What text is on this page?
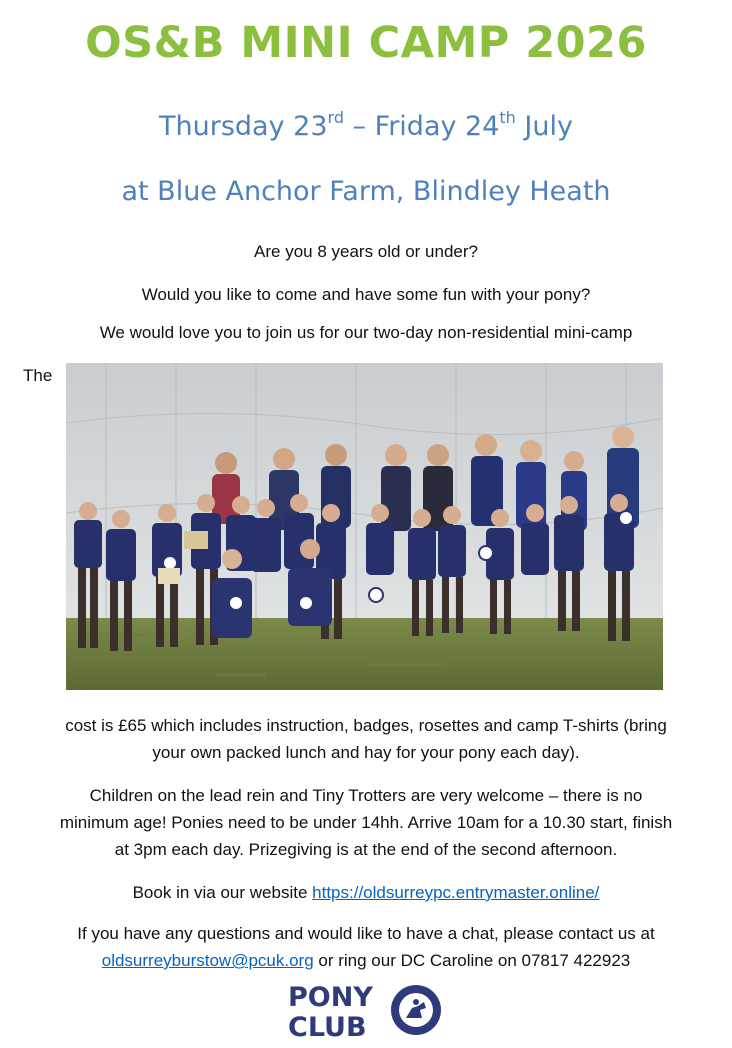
OS&B MINI CAMP 2026
Thursday 23rd – Friday 24th July
at Blue Anchor Farm, Blindley Heath
Are you 8 years old or under?
Would you like to come and have some fun with your pony?
We would love you to join us for our two-day non-residential mini-camp
The
cost is £65 which includes instruction, badges, rosettes and camp T-shirts (bring
your own packed lunch and hay for your pony each day).
Children on the lead rein and Tiny Trotters are very welcome – there is no
minimum age! Ponies need to be under 14hh. Arrive 10am for a 10.30 start, finish
at 3pm each day. Prizegiving is at the end of the second afternoon.
Book in via our website https://oldsurreypc.entrymaster.online/
If you have any questions and would like to have a chat, please contact us at
oldsurreyburstow@pcuk.org or ring our DC Caroline on 07817 422923
PONY
CLUB
